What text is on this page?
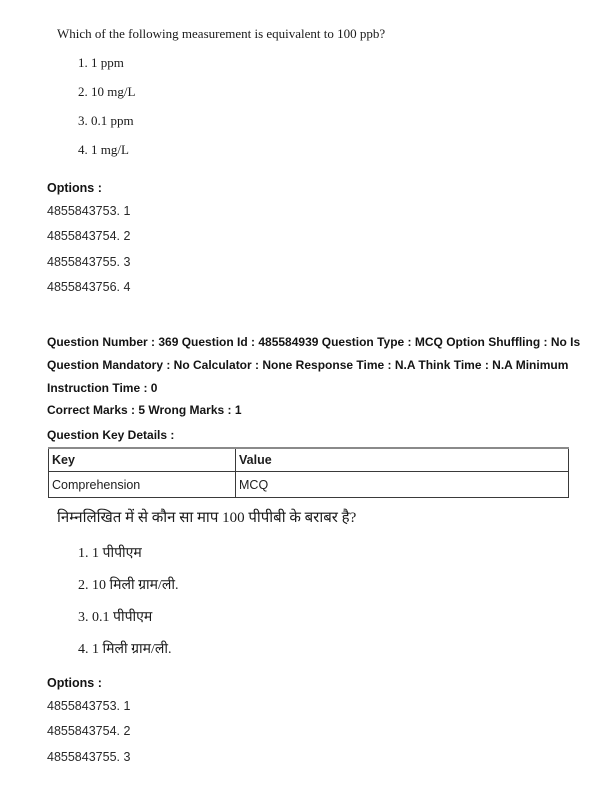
Which of the following measurement is equivalent to 100 ppb?
1. 1 ppm
2. 10 mg/L
3. 0.1 ppm
4. 1 mg/L
Options :
4855843753. 1
4855843754. 2
4855843755. 3
4855843756. 4
Question Number : 369 Question Id : 485584939 Question Type : MCQ Option Shuffling : No Is
Question Mandatory : No Calculator : None Response Time : N.A Think Time : N.A Minimum
Instruction Time : 0
Correct Marks : 5 Wrong Marks : 1
Question Key Details :
Key	Value
Comprehension	MCQ
निम्नलिखित में से कौन सा माप 100 पीपीबी के बराबर है?
1. 1 पीपीएम
2. 10 मिली ग्राम/ली.
3. 0.1 पीपीएम
4. 1 मिली ग्राम/ली.
Options :
4855843753. 1
4855843754. 2
4855843755. 3
